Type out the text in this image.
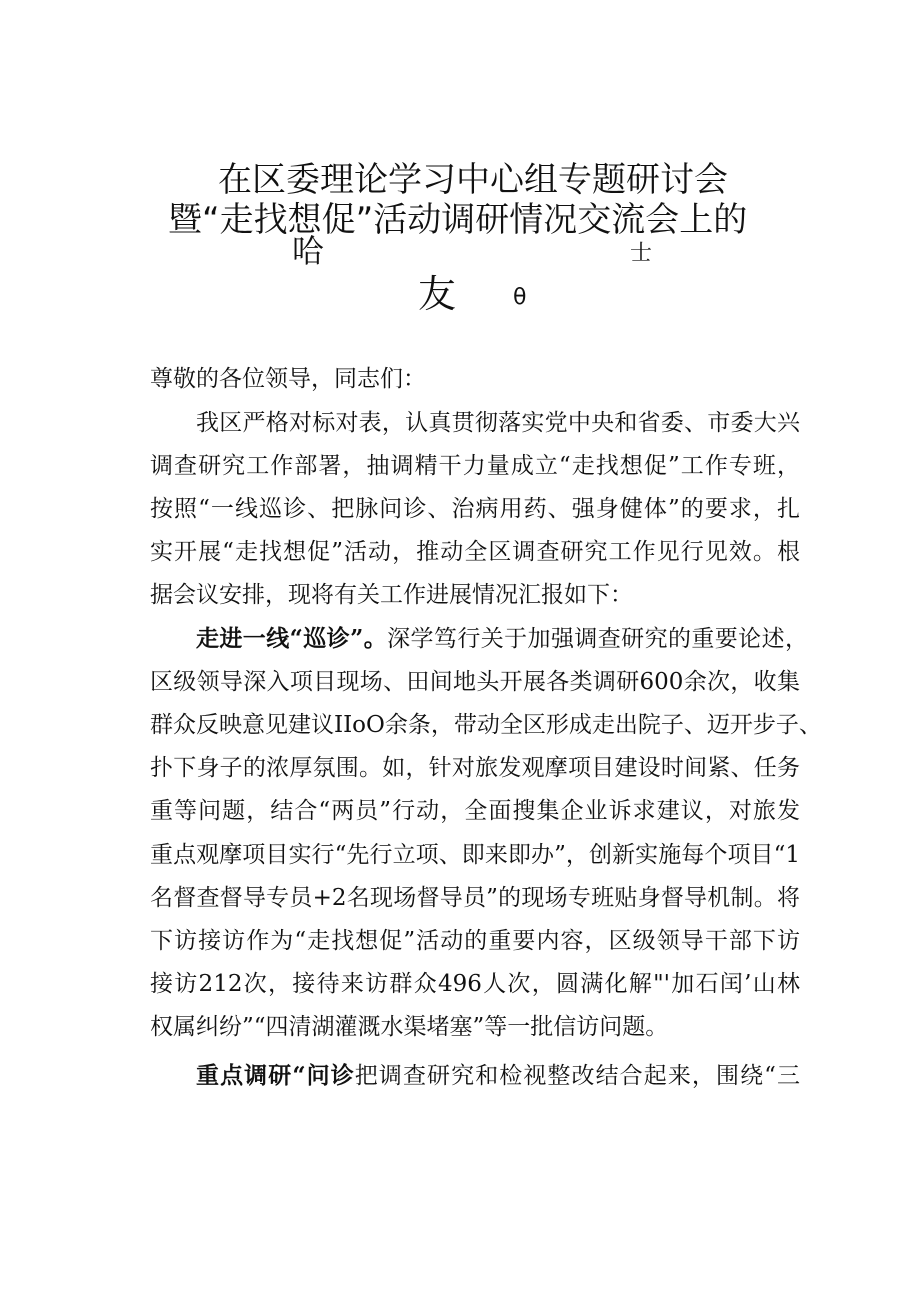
在区委理论学习中心组专题研讨会
暨“走找想促”活动调研情况交流会上的
哈	士
友	θ
尊敬的各位领导，同志们：
我区严格对标对表，认真贯彻落实党中央和省委、市委大兴
调查研究工作部署，抽调精干力量成立“走找想促”工作专班，
按照“一线巡诊、把脉问诊、治病用药、强身健体”的要求，扎
实开展“走找想促”活动，推动全区调查研究工作见行见效。根
据会议安排，现将有关工作进展情况汇报如下：
走进一线“巡诊”。深学笃行关于加强调查研究的重要论述，
区级领导深入项目现场、田间地头开展各类调研600余次，收集
群众反映意见建议IIoO余条，带动全区形成走出院子、迈开步子、
扑下身子的浓厚氛围。如，针对旅发观摩项目建设时间紧、任务
重等问题，结合“两员”行动，全面搜集企业诉求建议，对旅发
重点观摩项目实行“先行立项、即来即办”，创新实施每个项目“1
名督查督导专员+2名现场督导员”的现场专班贴身督导机制。将
下访接访作为“走找想促”活动的重要内容，区级领导干部下访
接访212次，接待来访群众496人次，圆满化解"'加石闰’山林
权属纠纷”“四清湖灌溉水渠堵塞”等一批信访问题。
重点调研“问诊把调查研究和检视整改结合起来，围绕“三
